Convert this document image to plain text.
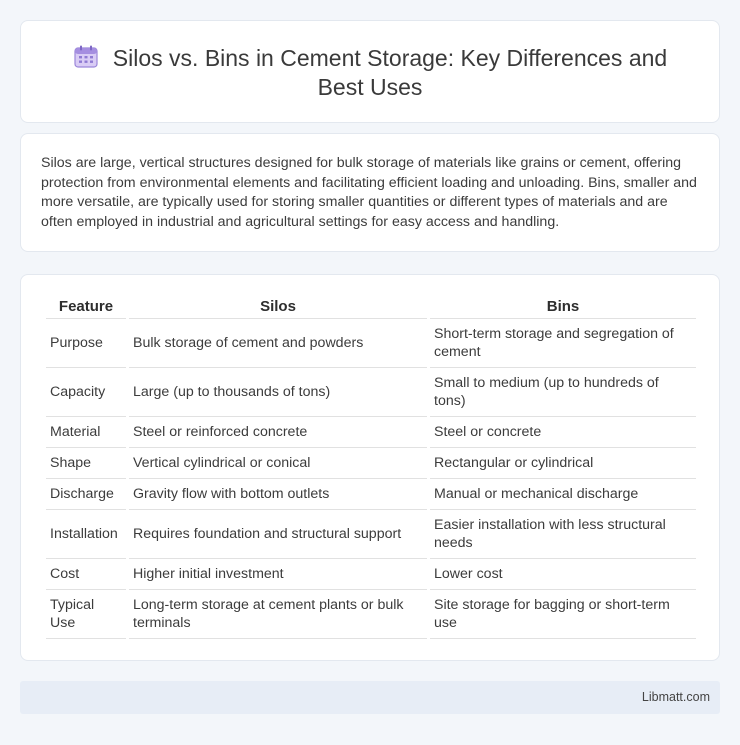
Silos vs. Bins in Cement Storage: Key Differences and Best Uses

Silos are large, vertical structures designed for bulk storage of materials like grains or cement, offering protection from environmental elements and facilitating efficient loading and unloading. Bins, smaller and more versatile, are typically used for storing smaller quantities or different types of materials and are often employed in industrial and agricultural settings for easy access and handling.

Feature	Silos	Bins
Purpose	Bulk storage of cement and powders	Short-term storage and segregation of cement
Capacity	Large (up to thousands of tons)	Small to medium (up to hundreds of tons)
Material	Steel or reinforced concrete	Steel or concrete
Shape	Vertical cylindrical or conical	Rectangular or cylindrical
Discharge	Gravity flow with bottom outlets	Manual or mechanical discharge
Installation	Requires foundation and structural support	Easier installation with less structural needs
Cost	Higher initial investment	Lower cost
Typical Use	Long-term storage at cement plants or bulk terminals	Site storage for bagging or short-term use
Libmatt.com
